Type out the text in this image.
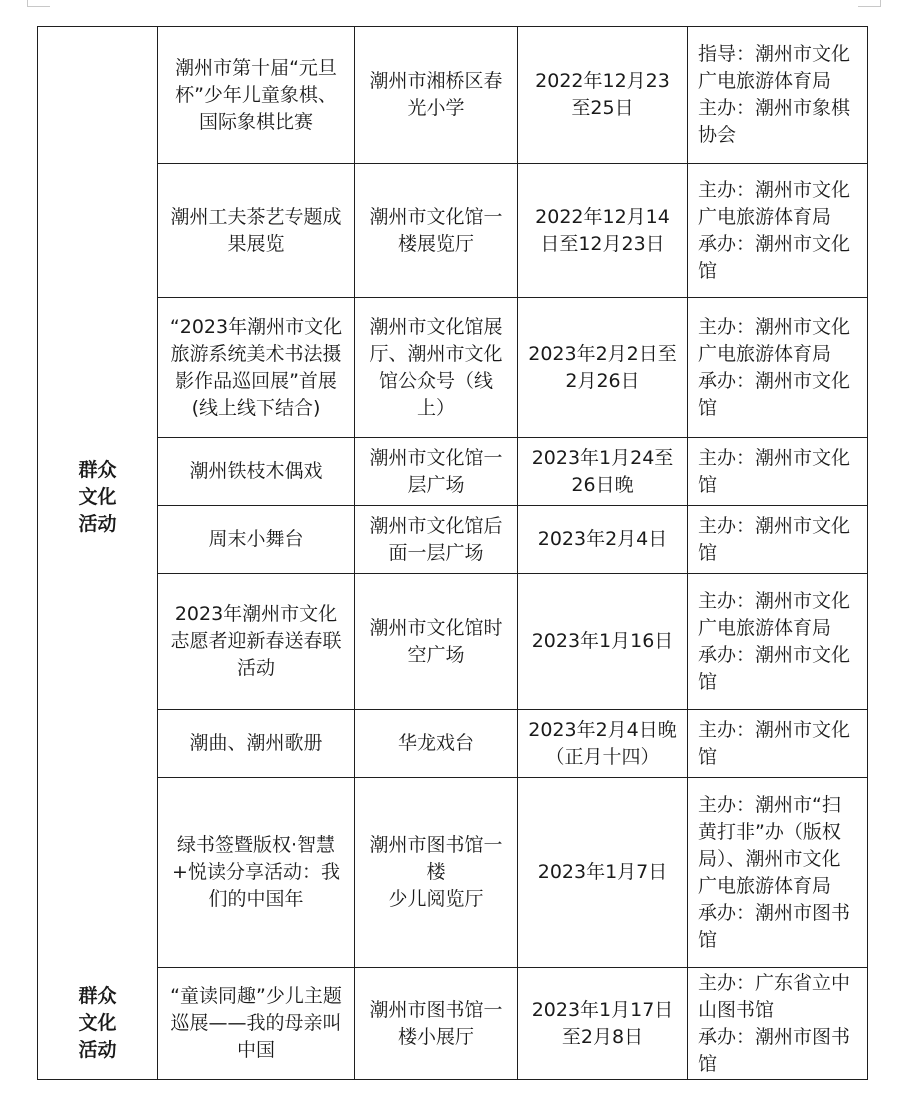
群众文化活动	潮州市第十届“元旦杯”少年儿童象棋、国际象棋比赛	潮州市湘桥区春光小学	2022年12月23至25日	指导：潮州市文化广电旅游体育局
主办：潮州市象棋协会

	潮州工夫茶艺专题成果展览	潮州市文化馆一楼展览厅	2022年12月14日至12月23日	主办：潮州市文化广电旅游体育局
承办：潮州市文化馆

	“2023年潮州市文化旅游系统美术书法摄影作品巡回展”首展(线上线下结合)	潮州市文化馆展厅、潮州市文化馆公众号（线上）	2023年2月2日至2月26日	主办：潮州市文化广电旅游体育局
承办：潮州市文化馆

	潮州铁枝木偶戏	潮州市文化馆一层广场	2023年1月24至26日晚	主办：潮州市文化馆

	周末小舞台	潮州市文化馆后面一层广场	2023年2月4日	主办：潮州市文化馆

	2023年潮州市文化志愿者迎新春送春联活动	潮州市文化馆时空广场	2023年1月16日	主办：潮州市文化广电旅游体育局
承办：潮州市文化馆

	潮曲、潮州歌册	华龙戏台	2023年2月4日晚（正月十四）	主办：潮州市文化馆

	绿书签暨版权·智慧+悦读分享活动：我们的中国年	潮州市图书馆一楼
少儿阅览厅	2023年1月7日	主办：潮州市“扫黄打非”办（版权局）、潮州市文化广电旅游体育局
承办：潮州市图书馆

群众文化活动	“童读同趣”少儿主题巡展——我的母亲叫中国	潮州市图书馆一楼小展厅	2023年1月17日至2月8日	主办：广东省立中山图书馆
承办：潮州市图书馆
